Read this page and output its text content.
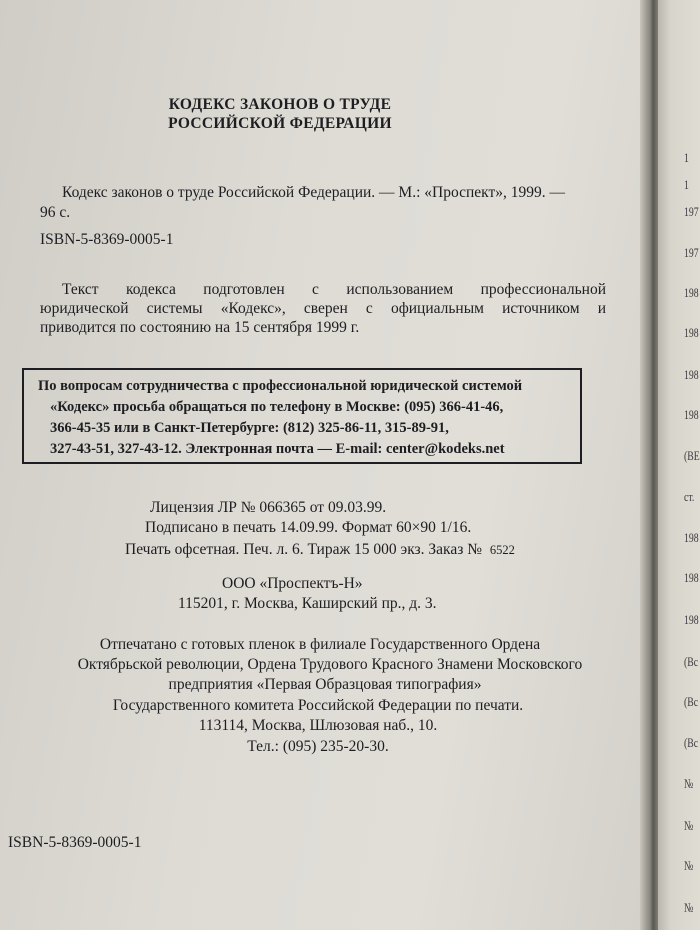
КОДЕКС ЗАКОНОВ О ТРУДЕ
РОССИЙСКОЙ ФЕДЕРАЦИИ
Кодекс законов о труде Российской Федерации. — М.: «Проспект», 1999. —
96 с.
ISBN-5-8369-0005-1
Текст кодекса подготовлен с использованием профессиональной
юридической системы «Кодекс», сверен с официальным источником и
приводится по состоянию на 15 сентября 1999 г.
По вопросам сотрудничества с профессиональной юридической системой
«Кодекс» просьба обращаться по телефону в Москве: (095) 366-41-46,
366-45-35 или в Санкт-Петербурге: (812) 325-86-11, 315-89-91,
327-43-51, 327-43-12. Электронная почта — E-mail: center@kodeks.net
Лицензия ЛР № 066365 от 09.03.99.
Подписано в печать 14.09.99. Формат 60×90 1/16.
Печать офсетная. Печ. л. 6. Тираж 15 000 экз. Заказ № 6522
ООО «Проспектъ-Н»
115201, г. Москва, Каширский пр., д. 3.
Отпечатано с готовых пленок в филиале Государственного Ордена
Октябрьской революции, Ордена Трудового Красного Знамени Московского
предприятия «Первая Образцовая типография»
Государственного комитета Российской Федерации по печати.
113114, Москва, Шлюзовая наб., 10.
Тел.: (095) 235-20-30.
ISBN-5-8369-0005-1
1
1
197
197
198
198
198
198
(ВЕ
ст.
198
198
198
(Вс
(Вс
(Вс
№
№
№
№
